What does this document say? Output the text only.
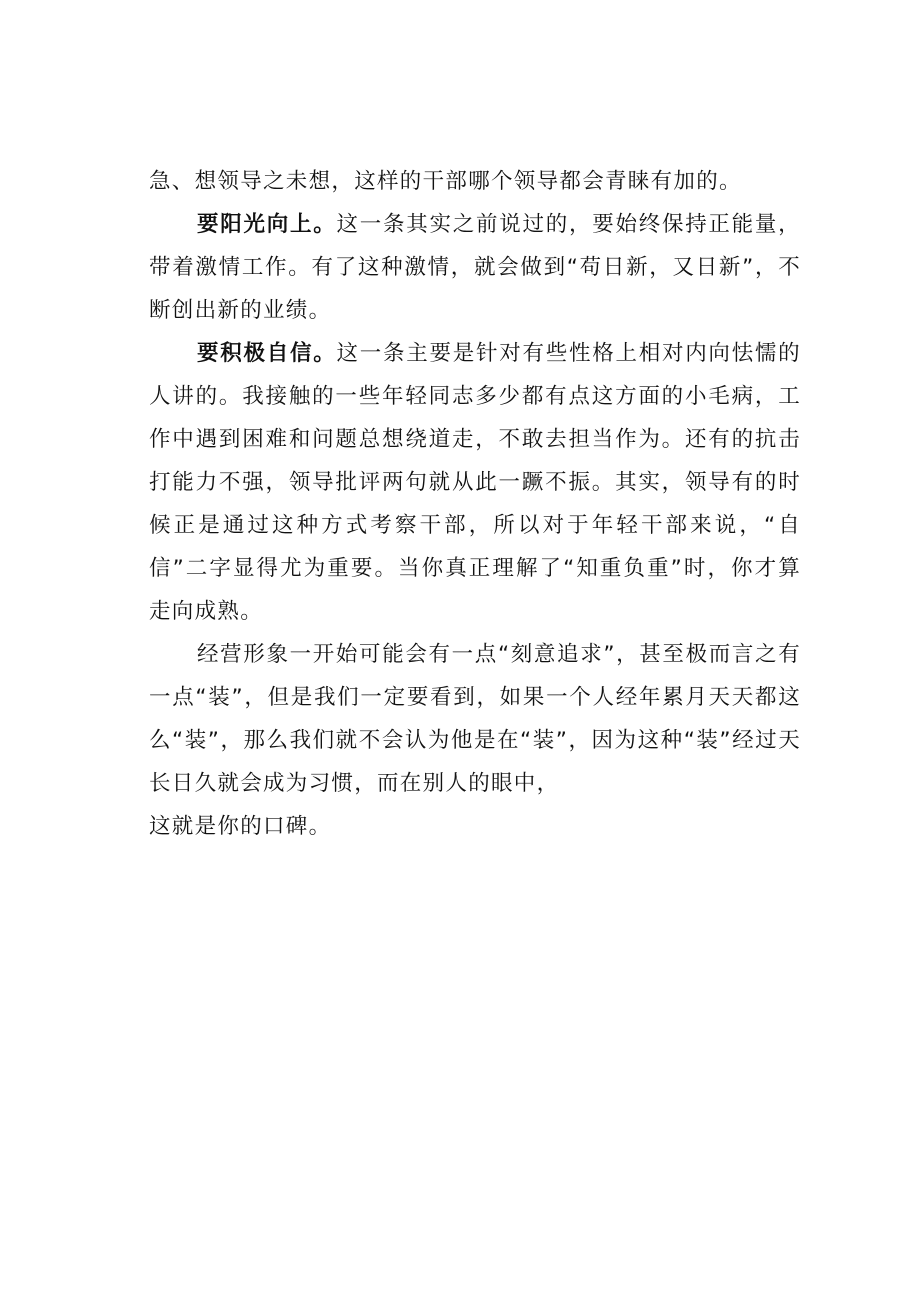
急、想领导之未想，这样的干部哪个领导都会青睐有加的。

要阳光向上。这一条其实之前说过的，要始终保持正能量，带着激情工作。有了这种激情，就会做到“苟日新，又日新”，不断创出新的业绩。

要积极自信。这一条主要是针对有些性格上相对内向怯懦的人讲的。我接触的一些年轻同志多少都有点这方面的小毛病，工作中遇到困难和问题总想绕道走，不敢去担当作为。还有的抗击打能力不强，领导批评两句就从此一蹶不振。其实，领导有的时候正是通过这种方式考察干部，所以对于年轻干部来说，“自信”二字显得尤为重要。当你真正理解了“知重负重”时，你才算走向成熟。

经营形象一开始可能会有一点“刻意追求”，甚至极而言之有一点“装”，但是我们一定要看到，如果一个人经年累月天天都这么“装”，那么我们就不会认为他是在“装”，因为这种“装”经过天长日久就会成为习惯，而在别人的眼中，
这就是你的口碑。
